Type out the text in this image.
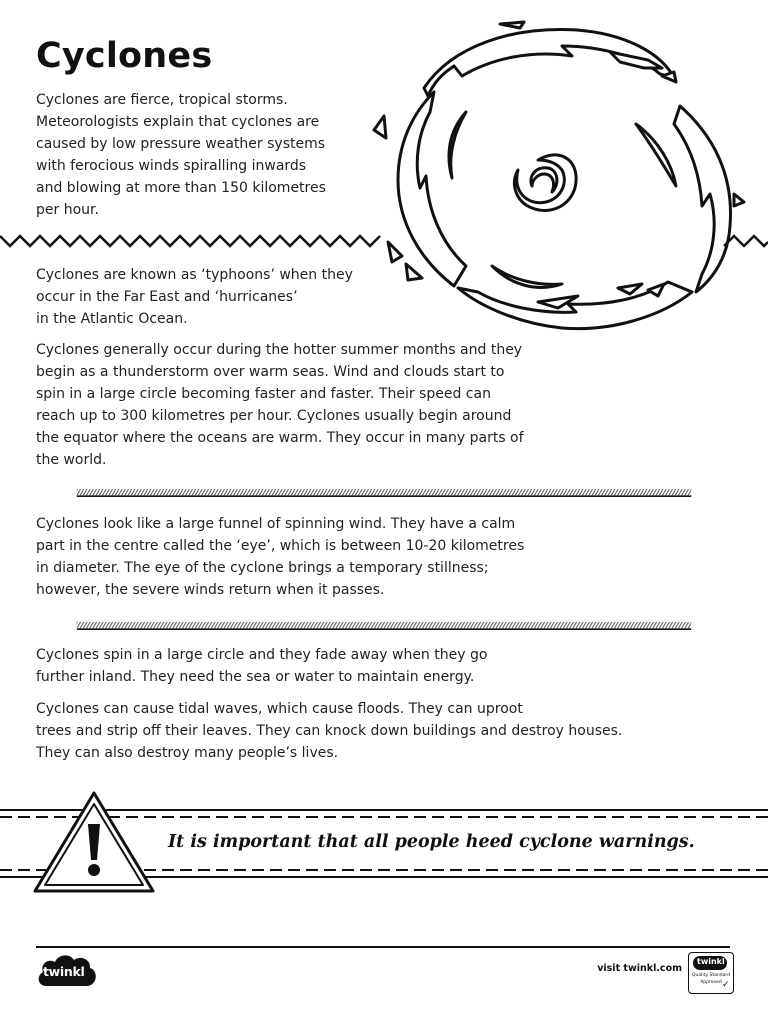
Cyclones

Cyclones are fierce, tropical storms.
Meteorologists explain that cyclones are
caused by low pressure weather systems
with ferocious winds spiralling inwards
and blowing at more than 150 kilometres
per hour.

Cyclones are known as ‘typhoons’ when they
occur in the Far East and ‘hurricanes’
in the Atlantic Ocean.

Cyclones generally occur during the hotter summer months and they
begin as a thunderstorm over warm seas. Wind and clouds start to
spin in a large circle becoming faster and faster. Their speed can
reach up to 300 kilometres per hour. Cyclones usually begin around
the equator where the oceans are warm. They occur in many parts of
the world.

Cyclones look like a large funnel of spinning wind. They have a calm
part in the centre called the ‘eye’, which is between 10-20 kilometres
in diameter. The eye of the cyclone brings a temporary stillness;
however, the severe winds return when it passes.

Cyclones spin in a large circle and they fade away when they go
further inland. They need the sea or water to maintain energy.

Cyclones can cause tidal waves, which cause floods. They can uproot
trees and strip off their leaves. They can knock down buildings and destroy houses.
They can also destroy many people’s lives.

It is important that all people heed cyclone warnings.

twinkl	visit twinkl.com
twinkl
Quality Standard
Approved ✓
